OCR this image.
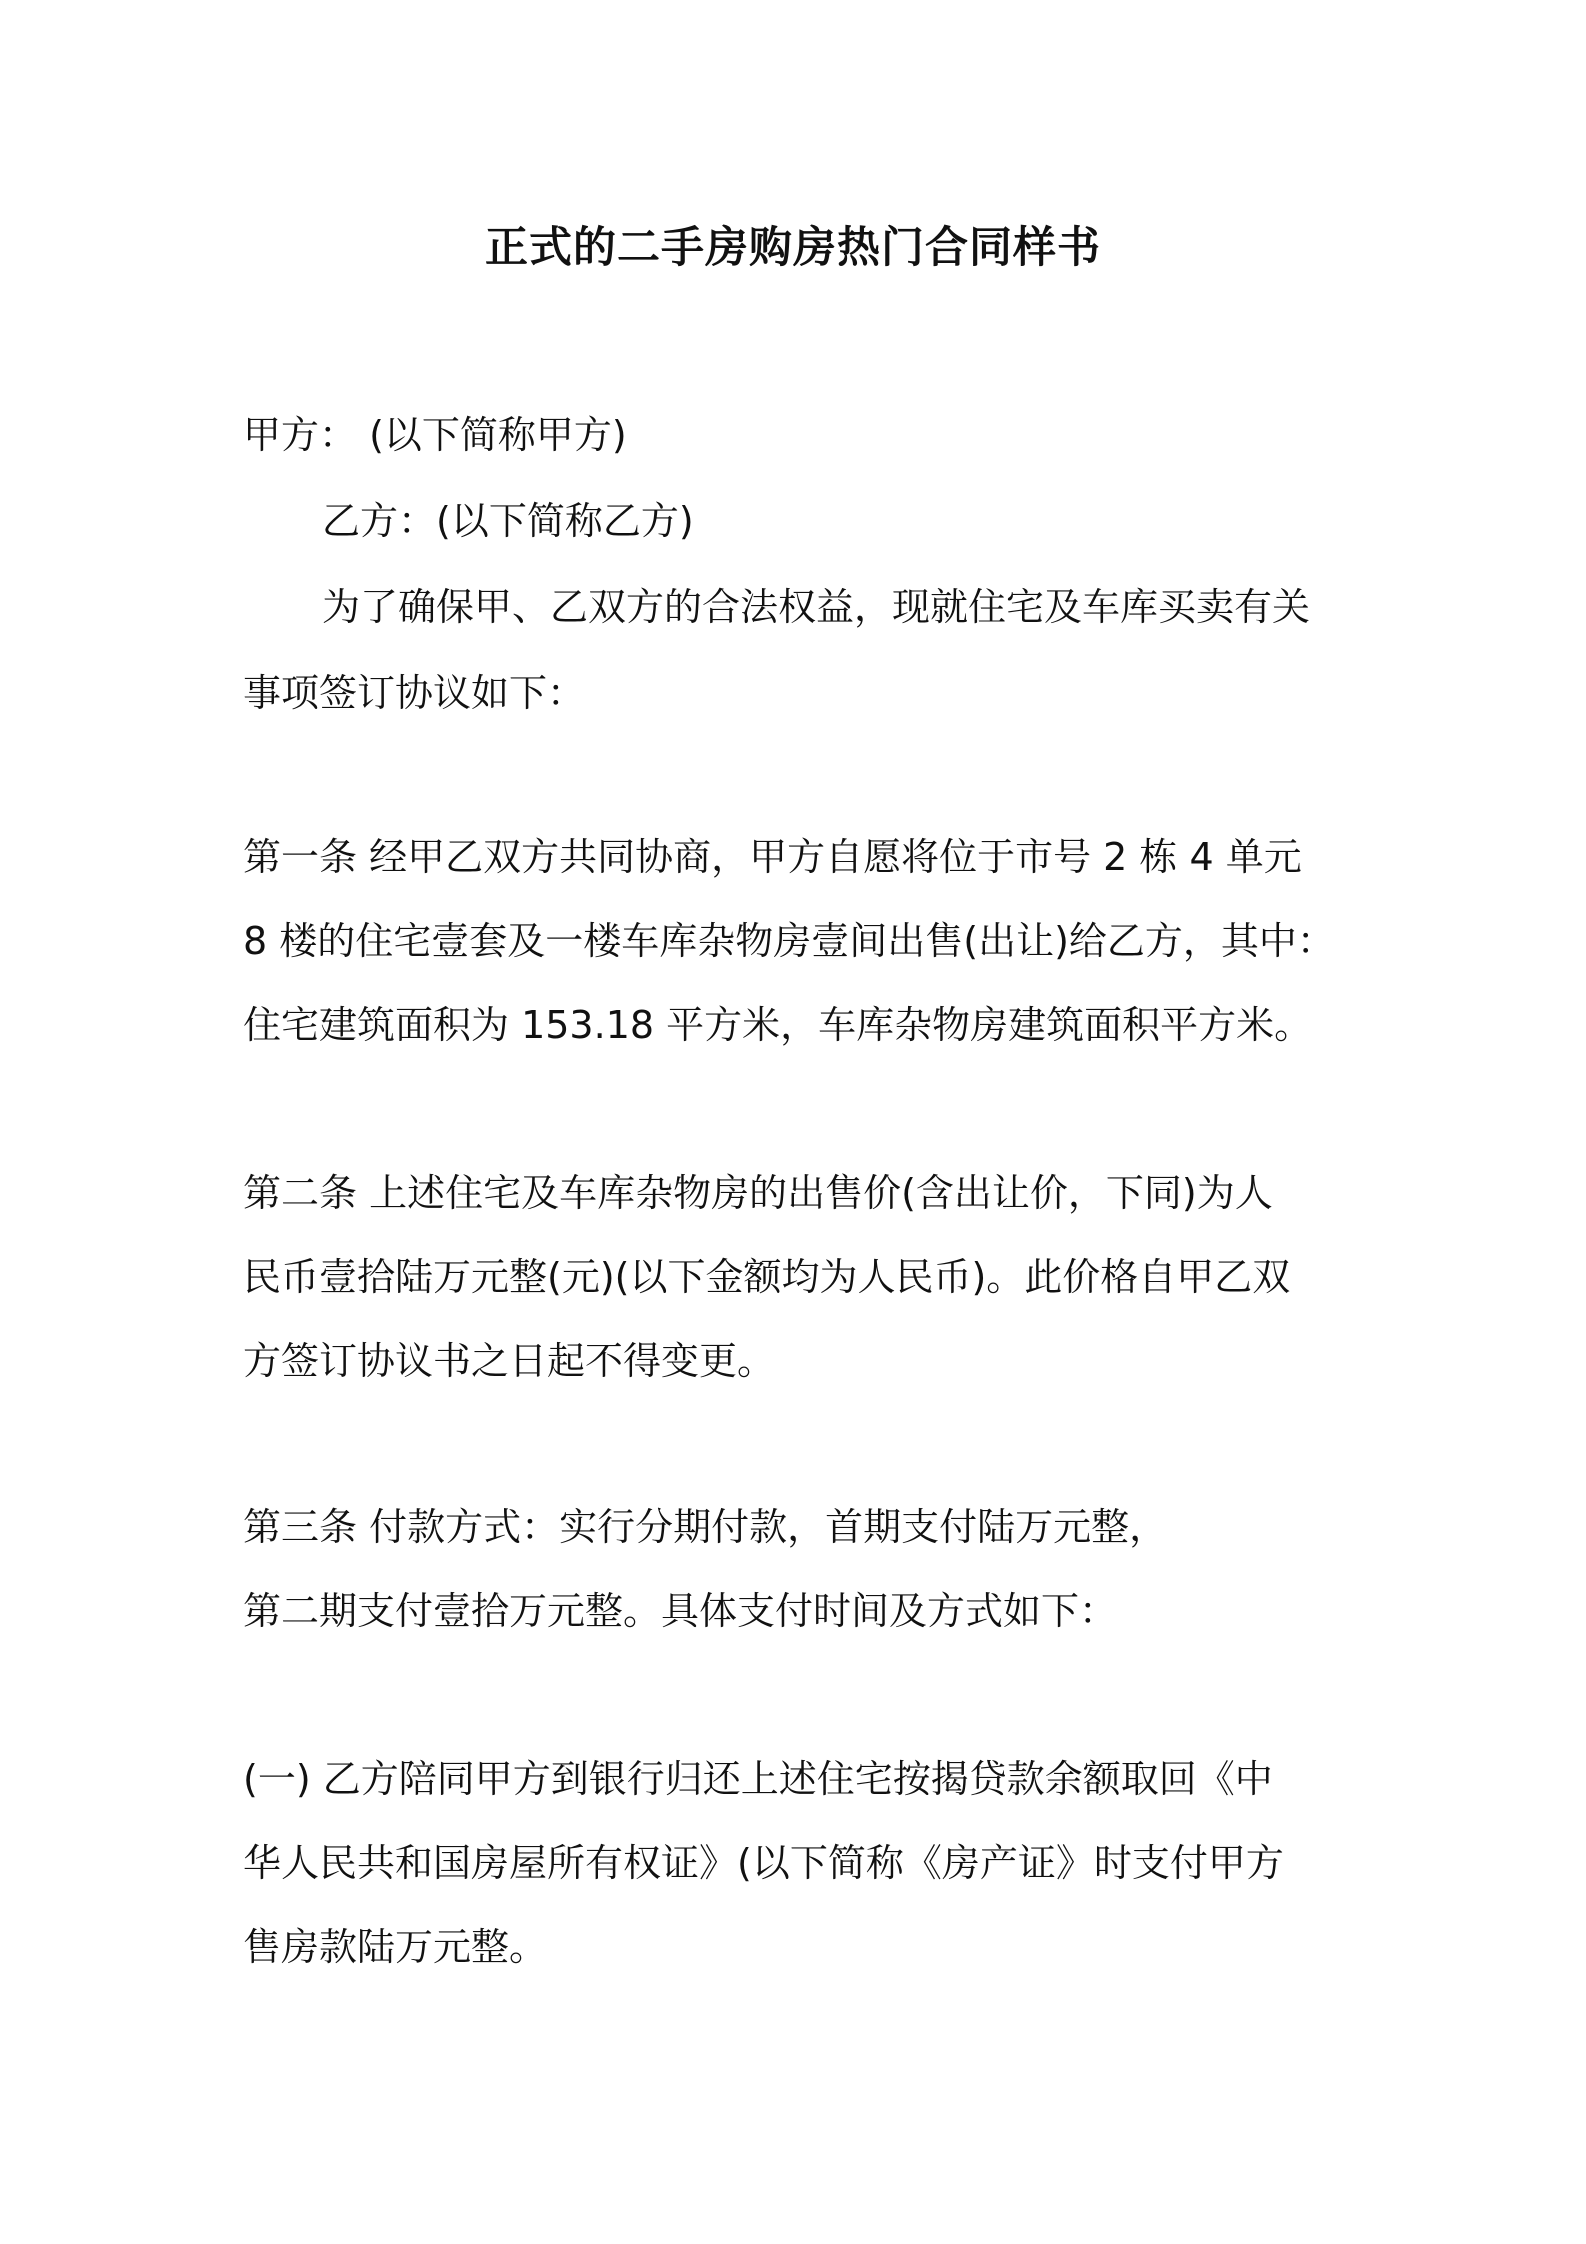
正式的二手房购房热门合同样书
甲方： (以下简称甲方)
乙方：(以下简称乙方)
为了确保甲、乙双方的合法权益，现就住宅及车库买卖有关
事项签订协议如下：
第一条 经甲乙双方共同协商，甲方自愿将位于市号 2 栋 4 单元
8 楼的住宅壹套及一楼车库杂物房壹间出售(出让)给乙方，其中：
住宅建筑面积为 153.18 平方米，车库杂物房建筑面积平方米。
第二条 上述住宅及车库杂物房的出售价(含出让价，下同)为人
民币壹拾陆万元整(元)(以下金额均为人民币)。此价格自甲乙双
方签订协议书之日起不得变更。
第三条 付款方式：实行分期付款，首期支付陆万元整，
第二期支付壹拾万元整。具体支付时间及方式如下：
(一) 乙方陪同甲方到银行归还上述住宅按揭贷款余额取回《中
华人民共和国房屋所有权证》(以下简称《房产证》时支付甲方
售房款陆万元整。
